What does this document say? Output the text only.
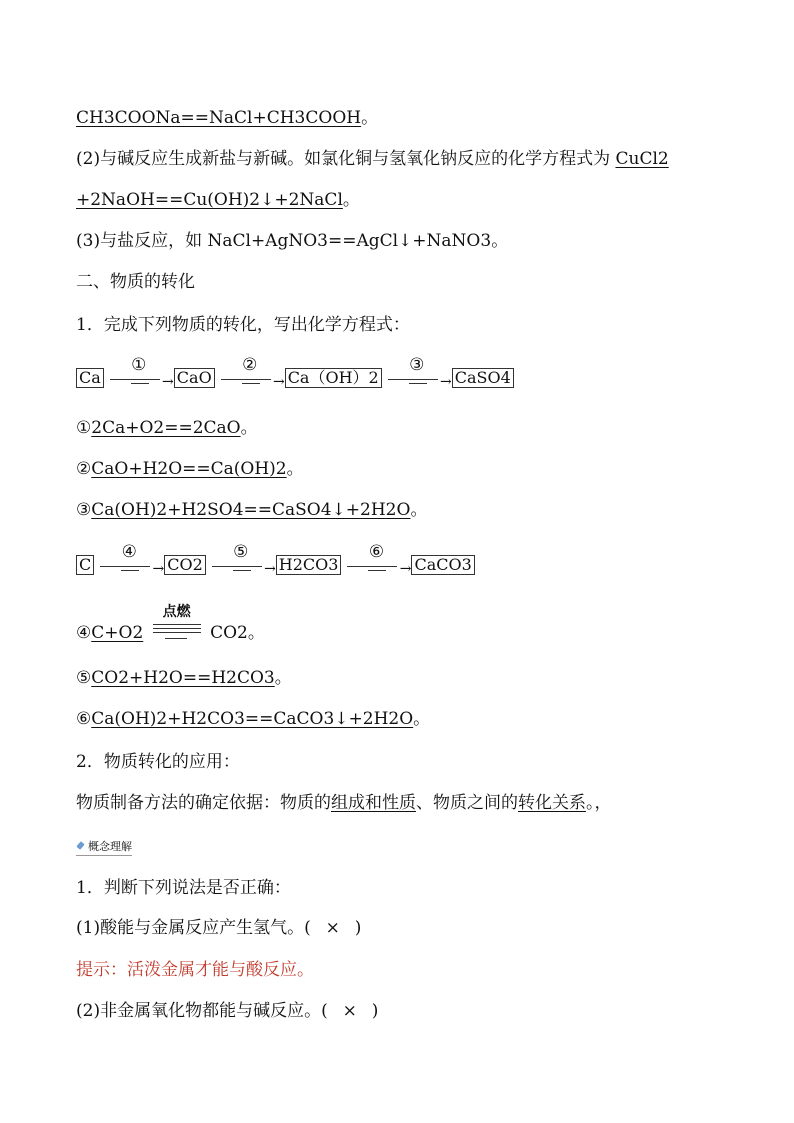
CH3COONa==NaCl+CH3COOH。
(2)与碱反应生成新盐与新碱。如氯化铜与氢氧化钠反应的化学方程式为 CuCl2
+2NaOH==Cu(OH)2↓+2NaCl。
(3)与盐反应，如 NaCl+AgNO3==AgCl↓+NaNO3。
二、物质的转化
1．完成下列物质的转化，写出化学方程式：
Ca
①
→ CaO
②
→ Ca（OH）2
③
→ CaSO4
①2Ca+O2==2CaO。
②CaO+H2O==Ca(OH)2。
③Ca(OH)2+H2SO4==CaSO4↓+2H2O。
C
④
→ CO2
⑤
→ H2CO3
⑥
→ CaCO3
④C+O2
点燃
CO2。
⑤CO2+H2O==H2CO3。
⑥Ca(OH)2+H2CO3==CaCO3↓+2H2O。
2．物质转化的应用：
物质制备方法的确定依据：物质的组成和性质、物质之间的转化关系。，
概念理解
1．判断下列说法是否正确：
(1)酸能与金属反应产生氢气。( × )
提示：活泼金属才能与酸反应。
(2)非金属氧化物都能与碱反应。( × )
